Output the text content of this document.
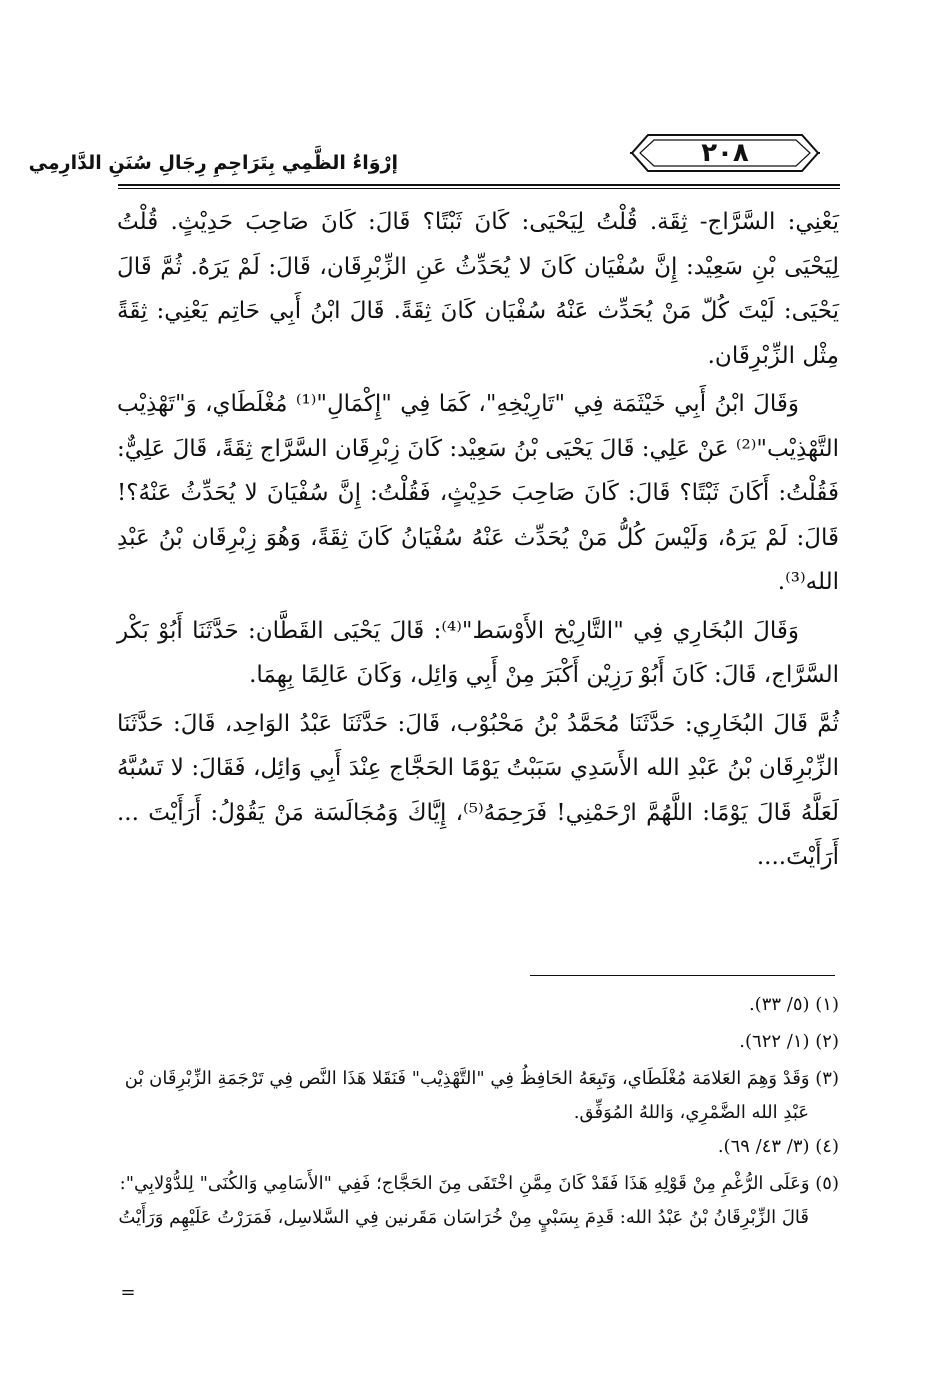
إرْوَاءُ الظَّمِي بِتَرَاجِمِ رِجَالِ سُنَنِ الدَّارِمِي	٢٠٨

يَعْنِي: السَّرَّاج- ثِقَة. قُلْتُ لِيَحْيَى: كَانَ ثَبْتًا؟ قَالَ: كَانَ صَاحِبَ حَدِيْثٍ. قُلْتُ لِيَحْيَى بْنِ سَعِيْد: إِنَّ سُفْيَان كَانَ لا يُحَدِّثُ عَنِ الزِّبْرِقَان، قَالَ: لَمْ يَرَهُ. ثُمَّ قَالَ يَحْيَى: لَيْتَ كُلّ مَنْ يُحَدِّث عَنْهُ سُفْيَان كَانَ ثِقَةً. قَالَ ابْنُ أَبِي حَاتِم يَعْنِي: ثِقَةً مِثْل الزِّبْرِقَان.

وَقَالَ ابْنُ أَبِي خَيْثَمَة فِي "تَارِيْخِهِ"، كَمَا فِي "إِكْمَالِ"⁽¹⁾ مُغْلَطَاي، وَ"تَهْذِيْب التَّهْذِيْب"⁽²⁾ عَنْ عَلِي: قَالَ يَحْيَى بْنُ سَعِيْد: كَانَ زِبْرِقَان السَّرَّاج ثِقَةً، قَالَ عَلِيٌّ: فَقُلْتُ: أَكَانَ ثَبْتًا؟ قَالَ: كَانَ صَاحِبَ حَدِيْثٍ، فَقُلْتُ: إِنَّ سُفْيَانَ لا يُحَدِّثُ عَنْهُ؟! قَالَ: لَمْ يَرَهُ، وَلَيْسَ كُلُّ مَنْ يُحَدِّث عَنْهُ سُفْيَانُ كَانَ ثِقَةً، وَهُوَ زِبْرِقَان بْنُ عَبْدِ الله⁽³⁾.

وَقَالَ البُخَارِي فِي "التَّارِيْخ الأَوْسَط"⁽⁴⁾: قَالَ يَحْيَى القَطَّان: حَدَّثَنَا أَبُوْ بَكْر السَّرَّاج، قَالَ: كَانَ أَبُوْ رَزِيْن أَكْبَرَ مِنْ أَبِي وَائِل، وَكَانَ عَالِمًا بِهِمَا.

ثُمَّ قَالَ البُخَارِي: حَدَّثَنَا مُحَمَّدُ بْنُ مَحْبُوْب، قَالَ: حَدَّثَنَا عَبْدُ الوَاحِد، قَالَ: حَدَّثَنَا الزِّبْرِقَان بْنُ عَبْدِ الله الأَسَدِي سَبَبْتُ يَوْمًا الحَجَّاج عِنْدَ أَبِي وَائِل، فَقَالَ: لا تَسُبَّهُ لَعَلَّهُ قَالَ يَوْمًا: اللَّهُمَّ ارْحَمْنِي! فَرَحِمَهُ⁽⁵⁾، إِيَّاكَ وَمُجَالَسَة مَنْ يَقُوْلُ: أَرَأَيْتَ ... أَرَأَيْتَ....

(١) (٥/ ٣٣).

(٢) (١/ ٦٢٢).

(٣) وَقَدْ وَهِمَ العَلامَة مُغْلَطَاي، وَتَبِعَهُ الحَافِظُ فِي "التَّهْذِيْب" فَنَقَلا هَذَا النَّص فِي تَرْجَمَةِ الزِّبْرِقَان بْن

عَبْدِ الله الضَّمْرِي، وَاللهُ المُوَفِّق.

(٤) (٣/ ٤٣/ ٦٩).

(٥) وَعَلَى الرُّغْمِ مِنْ قَوْلِهِ هَذَا فَقَدْ كَانَ مِمَّنِ اخْتَفَى مِنَ الحَجَّاج؛ فَفِي "الأَسَامِي وَالكُنَى" لِلدُّوْلابِي":

قَالَ الزِّبْرِقَانُ بْنُ عَبْدُ الله: قَدِمَ بِسَبْيٍ مِنْ خُرَاسَان مَقَرنين فِي السَّلاسِل، فَمَرَرْتُ عَلَيْهِم وَرَأَيْتُ

=
